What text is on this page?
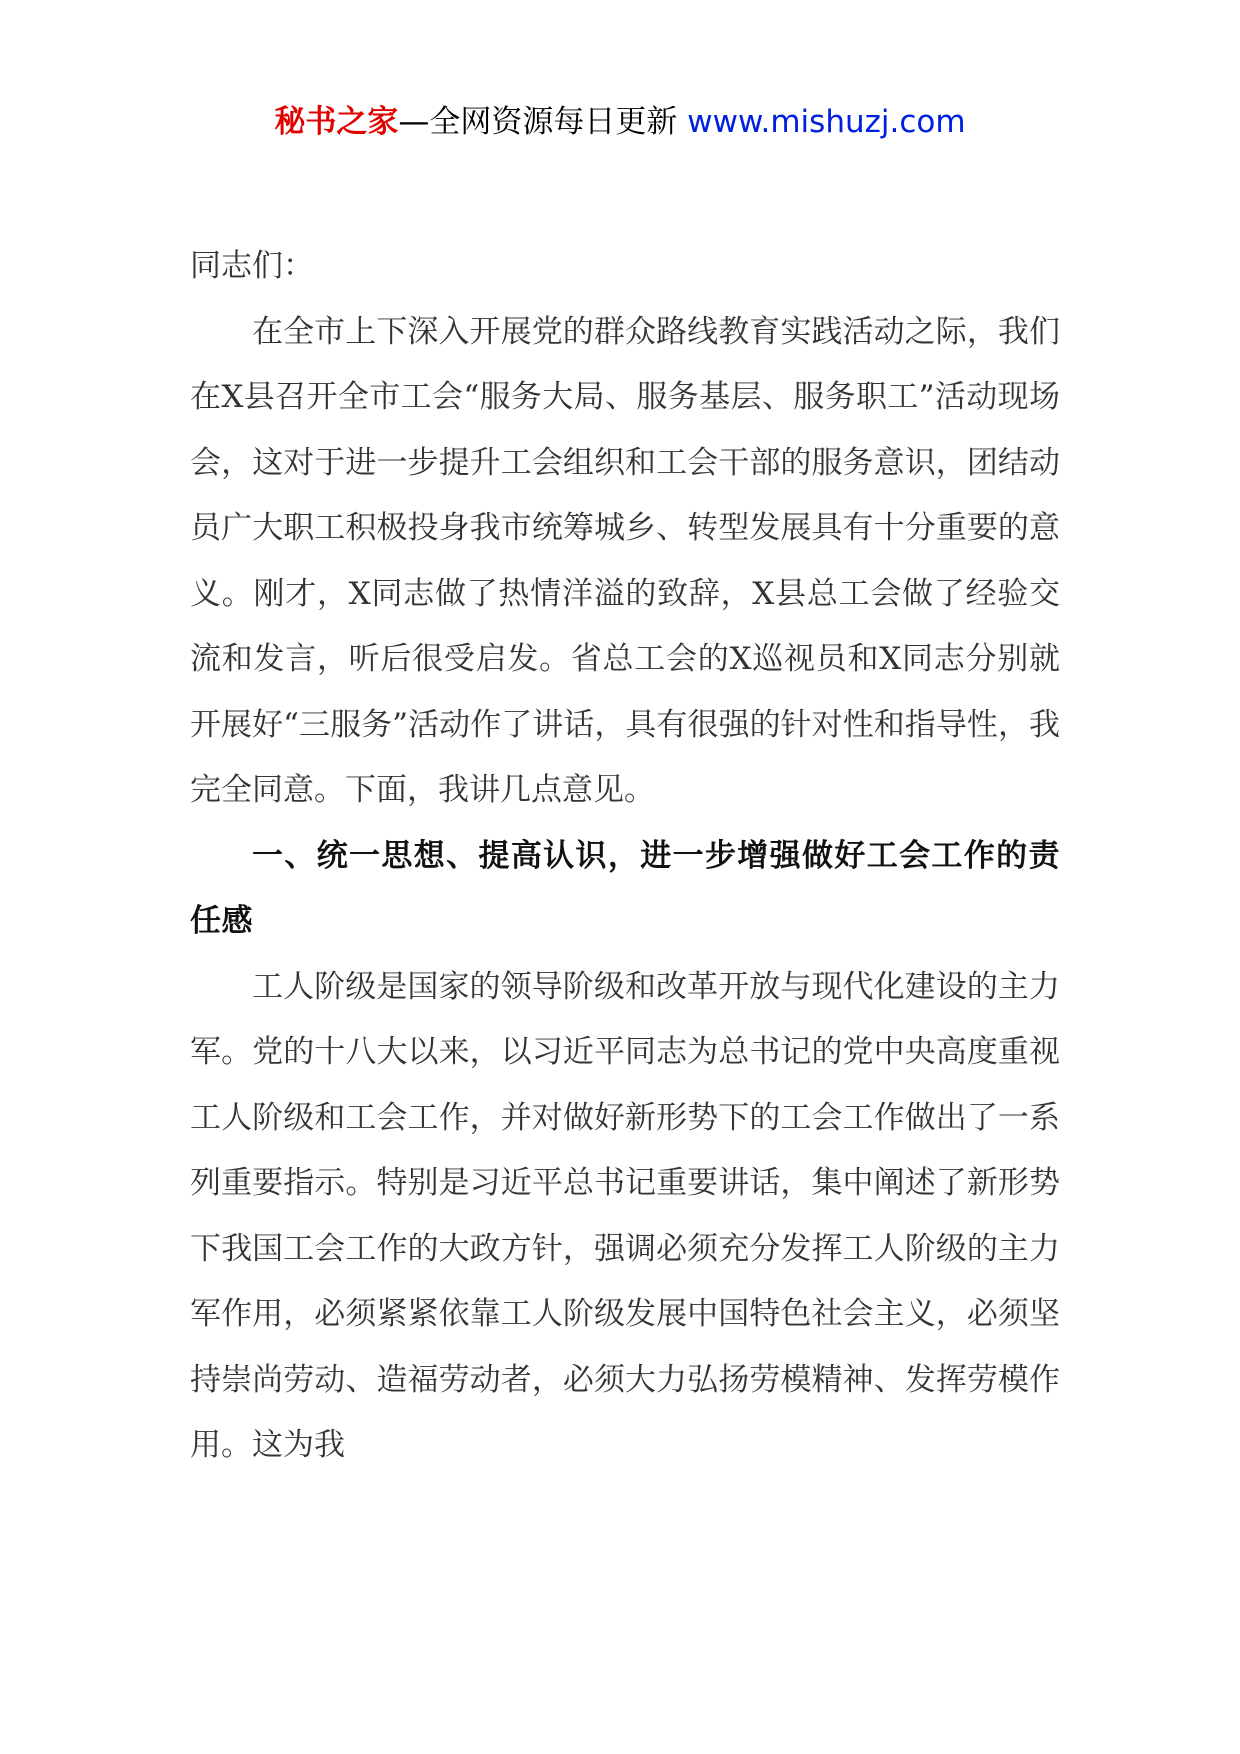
秘书之家—全网资源每日更新 www.mishuzj.com

同志们：

在全市上下深入开展党的群众路线教育实践活动之际，我们在X县召开全市工会“服务大局、服务基层、服务职工”活动现场会，这对于进一步提升工会组织和工会干部的服务意识，团结动员广大职工积极投身我市统筹城乡、转型发展具有十分重要的意义。刚才，X同志做了热情洋溢的致辞，X县总工会做了经验交流和发言，听后很受启发。省总工会的X巡视员和X同志分别就开展好“三服务”活动作了讲话，具有很强的针对性和指导性，我完全同意。下面，我讲几点意见。

一、统一思想、提高认识，进一步增强做好工会工作的责任感

工人阶级是国家的领导阶级和改革开放与现代化建设的主力军。党的十八大以来，以习近平同志为总书记的党中央高度重视工人阶级和工会工作，并对做好新形势下的工会工作做出了一系列重要指示。特别是习近平总书记重要讲话，集中阐述了新形势下我国工会工作的大政方针，强调必须充分发挥工人阶级的主力军作用，必须紧紧依靠工人阶级发展中国特色社会主义，必须坚持崇尚劳动、造福劳动者，必须大力弘扬劳模精神、发挥劳模作用。这为我
